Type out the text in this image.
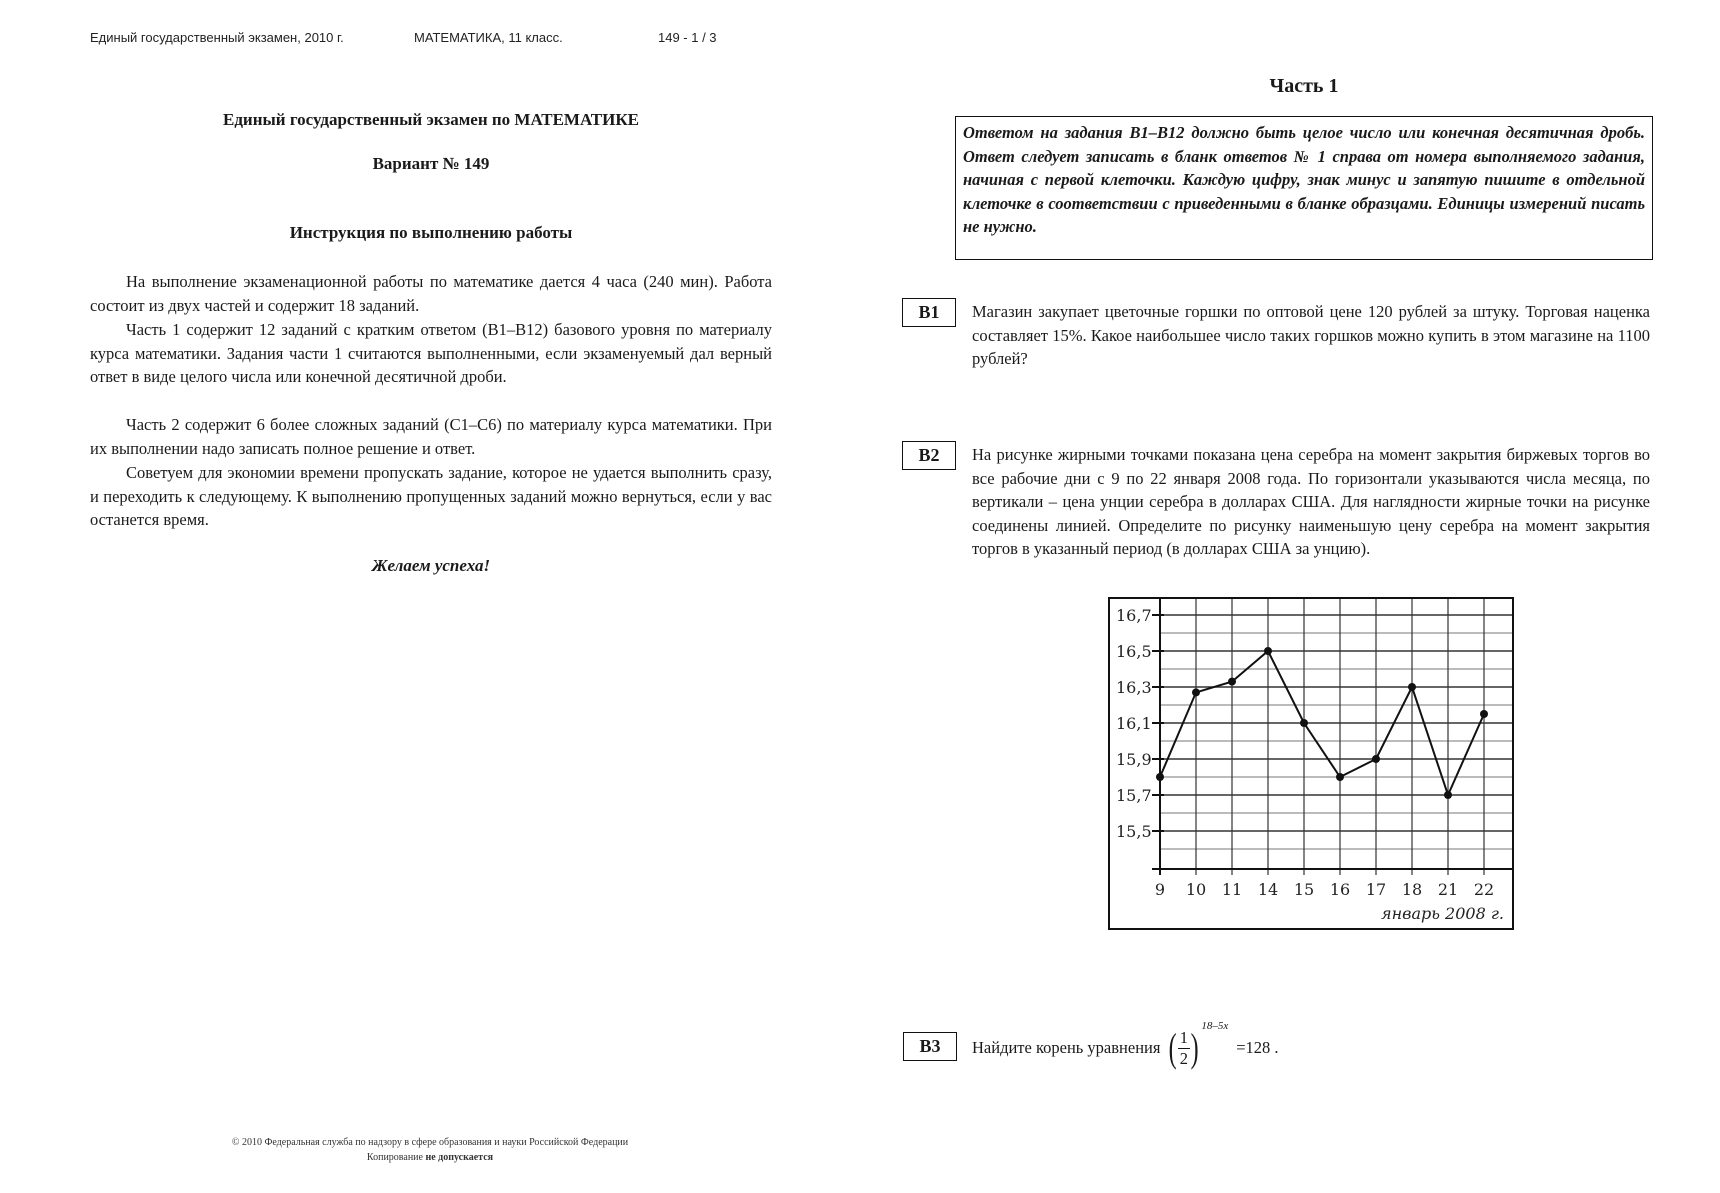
Единый государственный экзамен, 2010 г.	МАТЕМАТИКА, 11 класс.	149 - 1 / 3
Единый государственный экзамен по МАТЕМАТИКЕ
Вариант № 149
Инструкция по выполнению работы
На выполнение экзаменационной работы по математике дается 4 часа (240 мин). Работа состоит из двух частей и содержит 18 заданий.
Часть 1 содержит 12 заданий с кратким ответом (B1–B12) базового уровня по материалу курса математики. Задания части 1 считаются выполненными, если экзаменуемый дал верный ответ в виде целого числа или конечной десятичной дроби.
Часть 2 содержит 6 более сложных заданий (C1–C6) по материалу курса математики. При их выполнении надо записать полное решение и ответ.
Советуем для экономии времени пропускать задание, которое не удается выполнить сразу, и переходить к следующему. К выполнению пропущенных заданий можно вернуться, если у вас останется время.
Желаем успеха!
© 2010 Федеральная служба по надзору в сфере образования и науки Российской Федерации
Копирование не допускается
Часть 1
Ответом на задания B1–B12 должно быть целое число или конечная десятичная дробь. Ответ следует записать в бланк ответов № 1 справа от номера выполняемого задания, начиная с первой клеточки. Каждую цифру, знак минус и запятую пишите в отдельной клеточке в соответствии с приведенными в бланке образцами. Единицы измерений писать не нужно.
B1	Магазин закупает цветочные горшки по оптовой цене 120 рублей за штуку. Торговая наценка составляет 15%. Какое наибольшее число таких горшков можно купить в этом магазине на 1100 рублей?
B2	На рисунке жирными точками показана цена серебра на момент закрытия биржевых торгов во все рабочие дни с 9 по 22 января 2008 года. По горизонтали указываются числа месяца, по вертикали – цена унции серебра в долларах США. Для наглядности жирные точки на рисунке соединены линией. Определите по рисунку наименьшую цену серебра на момент закрытия торгов в указанный период (в долларах США за унцию).
15,5
15,7
15,9
16,1
16,3
16,5
16,7
9 10 11 14 15 16 17 18 21 22
январь 2008 г.
B3	Найдите корень уравнения ( $\frac{1}{2}$ ) 18–5x
=128 .
